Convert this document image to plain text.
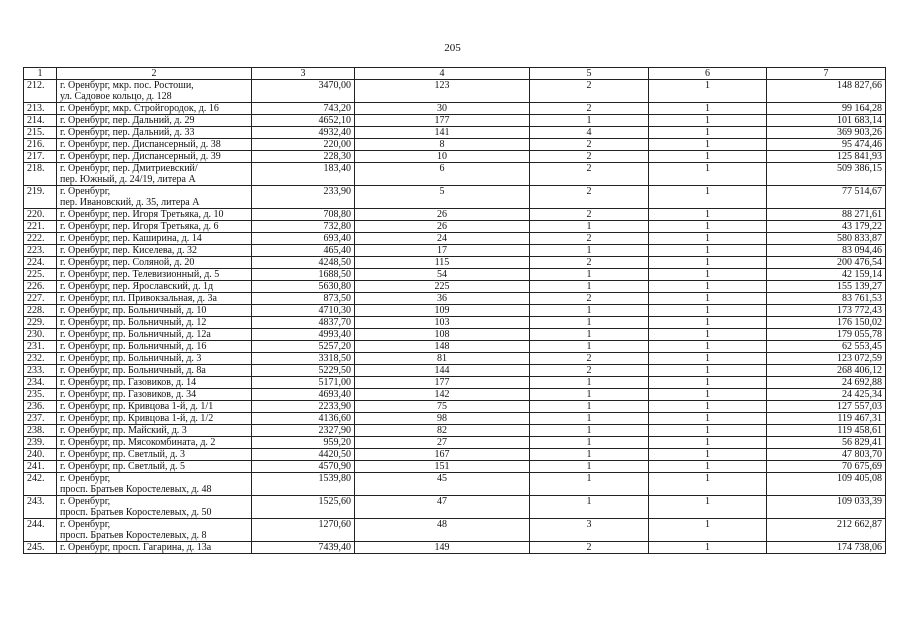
205
1	2	3	4	5	6	7
212.	г. Оренбург, мкр. пос. Ростоши,
ул. Садовое кольцо, д. 128	3470,00	123	2	1	148 827,66
213.	г. Оренбург, мкр. Стройгородок, д. 16	743,20	30	2	1	99 164,28
214.	г. Оренбург, пер. Дальний, д. 29	4652,10	177	1	1	101 683,14
215.	г. Оренбург, пер. Дальний, д. 33	4932,40	141	4	1	369 903,26
216.	г. Оренбург, пер. Диспансерный, д. 38	220,00	8	2	1	95 474,46
217.	г. Оренбург, пер. Диспансерный, д. 39	228,30	10	2	1	125 841,93
218.	г. Оренбург, пер. Дмитриевский/
пер. Южный, д. 24/19, литера А	183,40	6	2	1	509 386,15
219.	г. Оренбург,
пер. Ивановский, д. 35, литера А	233,90	5	2	1	77 514,67
220.	г. Оренбург, пер. Игоря Третьяка, д. 10	708,80	26	2	1	88 271,61
221.	г. Оренбург, пер. Игоря Третьяка, д. 6	732,80	26	1	1	43 179,22
222.	г. Оренбург, пер. Каширина, д. 14	693,40	24	2	1	580 833,87
223.	г. Оренбург, пер. Киселева, д. 32	465,40	17	1	1	83 094,46
224.	г. Оренбург, пер. Соляной, д. 20	4248,50	115	2	1	200 476,54
225.	г. Оренбург, пер. Телевизионный, д. 5	1688,50	54	1	1	42 159,14
226.	г. Оренбург, пер. Ярославский, д. 1д	5630,80	225	1	1	155 139,27
227.	г. Оренбург, пл. Привокзальная, д. 3а	873,50	36	2	1	83 761,53
228.	г. Оренбург, пр. Больничный, д. 10	4710,30	109	1	1	173 772,43
229.	г. Оренбург, пр. Больничный, д. 12	4837,70	103	1	1	176 150,02
230.	г. Оренбург, пр. Больничный, д. 12а	4993,40	108	1	1	179 055,78
231.	г. Оренбург, пр. Больничный, д. 16	5257,20	148	1	1	62 553,45
232.	г. Оренбург, пр. Больничный, д. 3	3318,50	81	2	1	123 072,59
233.	г. Оренбург, пр. Больничный, д. 8а	5229,50	144	2	1	268 406,12
234.	г. Оренбург, пр. Газовиков, д. 14	5171,00	177	1	1	24 692,88
235.	г. Оренбург, пр. Газовиков, д. 34	4693,40	142	1	1	24 425,34
236.	г. Оренбург, пр. Кривцова 1-й, д. 1/1	2233,90	75	1	1	127 557,03
237.	г. Оренбург, пр. Кривцова 1-й, д. 1/2	4136,60	98	1	1	119 467,31
238.	г. Оренбург, пр. Майский, д. 3	2327,90	82	1	1	119 458,61
239.	г. Оренбург, пр. Мясокомбината, д. 2	959,20	27	1	1	56 829,41
240.	г. Оренбург, пр. Светлый, д. 3	4420,50	167	1	1	47 803,70
241.	г. Оренбург, пр. Светлый, д. 5	4570,90	151	1	1	70 675,69
242.	г. Оренбург,
просп. Братьев Коростелевых, д. 48	1539,80	45	1	1	109 405,08
243.	г. Оренбург,
просп. Братьев Коростелевых, д. 50	1525,60	47	1	1	109 033,39
244.	г. Оренбург,
просп. Братьев Коростелевых, д. 8	1270,60	48	3	1	212 662,87
245.	г. Оренбург, просп. Гагарина, д. 13а	7439,40	149	2	1	174 738,06
